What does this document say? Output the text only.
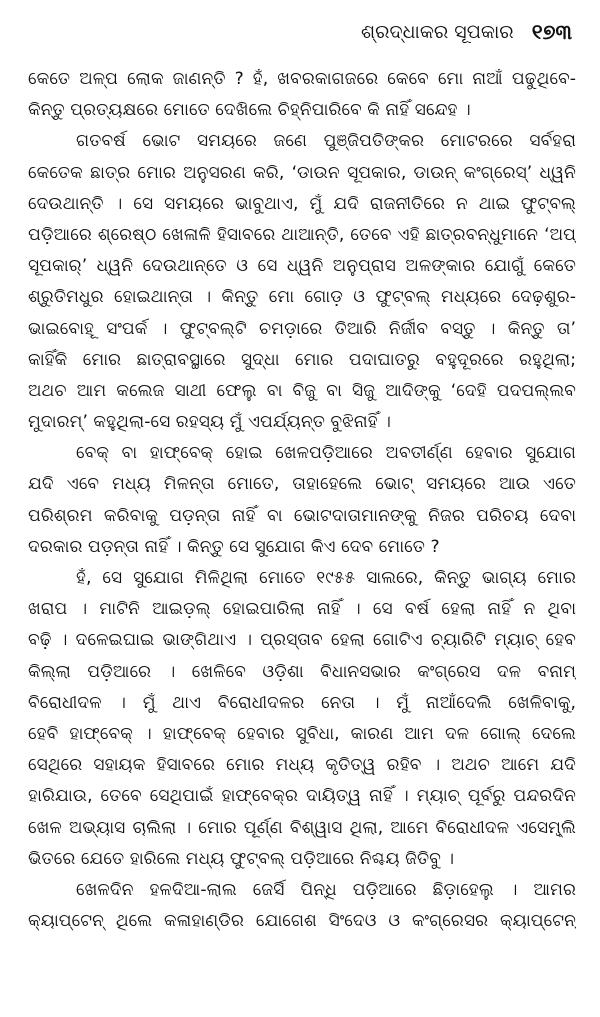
ଶ୍ରଦ୍ଧାକର ସୂପକାର ୧୭୩
କେତେ ଅଳ୍ପ ଲୋକ ଜାଣନ୍ତି ? ହଁ, ଖବରକାଗଜରେ କେବେ ମୋ ନାଆଁ ପଢୁଥିବେ-
କିନ୍ତୁ ପ୍ରତ୍ୟକ୍ଷରେ ମୋତେ ଦେଖିଲେ ଚିହ୍ନିପାରିବେ କି ନାହିଁ ସନ୍ଦେହ ।
ଗତବର୍ଷ ଭୋଟ ସମୟରେ ଜଣେ ପୁଞ୍ଜିପତିଙ୍କର ମୋଟରରେ ସର୍ବହରା
କେତେକ ଛାତ୍ର ମୋର ଅନୁସରଣ କରି, ‘ଡାଉନ ସୂପକାର, ଡାଉନ୍ କଂଗ୍ରେସ୍’ ଧ୍ୱନି
ଦେଉଥାନ୍ତି । ସେ ସମୟରେ ଭାବୁଥାଏ, ମୁଁ ଯଦି ରାଜନୀତିରେ ନ ଥାଇ ଫୁଟ୍‌ବଲ୍
ପଡ଼ିଆରେ ଶ୍ରେଷ୍ଠ ଖେଳାଳି ହିସାବରେ ଥାଆନ୍ତି, ତେବେ ଏହି ଛାତ୍ରବନ୍ଧୁମାନେ ‘ଅପ୍
ସୂପକାର୍’ ଧ୍ୱନି ଦେଉଥାନ୍ତେ ଓ ସେ ଧ୍ୱନି ଅନୁପ୍ରାସ ଅଳଙ୍କାର ଯୋଗୁଁ କେତେ
ଶ୍ରୁତିମଧୁର ହୋଇଥାନ୍ତା । କିନ୍ତୁ ମୋ ଗୋଡ଼ ଓ ଫୁଟ୍‌ବଲ୍ ମଧ୍ୟରେ ଦେଢ଼ଶୁର-
ଭାଇବୋହୂ ସଂପର୍କ । ଫୁଟ୍‌ବଲ୍‌ଟି ଚମଡ଼ାରେ ତିଆରି ନିର୍ଜୀବ ବସ୍ତୁ । କିନ୍ତୁ ତା’
କାହିଁକି ମୋର ଛାତ୍ରାବସ୍ଥାରେ ସୁଦ୍ଧା ମୋର ପଦାଘାତରୁ ବହୁଦୂରରେ ରହୁଥିଲା;
ଅଥଚ ଆମ କଲେଜ ସାଥୀ ଫେଲୁ ବା ବିଜୁ ବା ସିଜୁ ଆଦିଙ୍କୁ ‘ଦେହି ପଦପଲ୍ଲବ
ମୁଦାରମ୍’ କହୁଥିଲା-ସେ ରହସ୍ୟ ମୁଁ ଏପର୍ଯ୍ୟନ୍ତ ବୁଝିନାହିଁ ।
ବେକ୍ ବା ହାଫ୍‌ବେକ୍ ହୋଇ ଖେଳପଡ଼ିଆରେ ଅବତୀର୍ଣ୍ଣ ହେବାର ସୁଯୋଗ
ଯଦି ଏବେ ମଧ୍ୟ ମିଳନ୍ତା ମୋତେ, ତାହାହେଲେ ଭୋଟ୍ ସମୟରେ ଆଉ ଏତେ
ପରିଶ୍ରମ କରିବାକୁ ପଡ଼ନ୍ତା ନାହିଁ ବା ଭୋଟଦାତାମାନଙ୍କୁ ନିଜର ପରିଚୟ ଦେବା
ଦରକାର ପଡ଼ନ୍ତା ନାହିଁ । କିନ୍ତୁ ସେ ସୁଯୋଗ କିଏ ଦେବ ମୋତେ ?
ହଁ, ସେ ସୁଯୋଗ ମିଳିଥିଲା ମୋତେ ୧୯୫୫ ସାଲରେ, କିନ୍ତୁ ଭାଗ୍ୟ ମୋର
ଖରାପ । ମାଟିନି ଆଇଡ଼ଲ୍ ହୋଇପାରିଲା ନାହିଁ । ସେ ବର୍ଷ ହେଲା ନାହିଁ ନ ଥିବା
ବଢ଼ି । ଦଳେଇଘାଇ ଭାଙ୍ଗିଥାଏ । ପ୍ରସ୍ତାବ ହେଲା ଗୋଟିଏ ଚ୍ୟାରିଟି ମ୍ୟାଚ୍ ହେବ
କିଲ୍ଲା ପଡ଼ିଆରେ । ଖେଳିବେ ଓଡ଼ିଶା ବିଧାନସଭାର କଂଗ୍ରେସ ଦଳ ବନାମ୍
ବିରୋଧୀଦଳ । ମୁଁ ଥାଏ ବିରୋଧୀଦଳର ନେତା । ମୁଁ ନାଆଁଦେଲି ଖେଳିବାକୁ,
ହେବି ହାଫ୍‌ବେକ୍ । ହାଫ୍‌ବେକ୍ ହେବାର ସୁବିଧା, କାରଣ ଆମ ଦଳ ଗୋଲ୍ ଦେଲେ
ସେଥିରେ ସହାୟକ ହିସାବରେ ମୋର ମଧ୍ୟ କୃତିତ୍ୱ ରହିବ । ଅଥଚ ଆମେ ଯଦି
ହାରିଯାଉ, ତେବେ ସେଥିପାଇଁ ହାଫ୍‌ବେକ୍‌ର ଦାୟିତ୍ୱ ନାହିଁ । ମ୍ୟାଚ୍ ପୂର୍ବରୁ ପନ୍ଦରଦିନ
ଖେଳ ଅଭ୍ୟାସ ଚାଲିଲା । ମୋର ପୂର୍ଣ୍ଣ ବିଶ୍ୱାସ ଥିଲା, ଆମେ ବିରୋଧୀଦଳ ଏସେମ୍ବ୍ଲି
ଭିତରେ ଯେତେ ହାରିଲେ ମଧ୍ୟ ଫୁଟ୍‌ବଲ୍ ପଡ଼ିଆରେ ନିଶ୍ଚୟ ଜିତିବୁ ।
ଖେଳଦିନ ହଳଦିଆ-ଲାଲ ଜେର୍ସି ପିନ୍ଧି ପଡ଼ିଆରେ ଛିଡ଼ାହେଲୁ । ଆମର
କ୍ୟାପ୍‌ଟେନ୍ ଥିଲେ କଳାହାଣ୍ଡିର ଯୋଗେଶ ସିଂଦେଓ ଓ କଂଗ୍ରେସର କ୍ୟାପ୍‌ଟେନ୍
